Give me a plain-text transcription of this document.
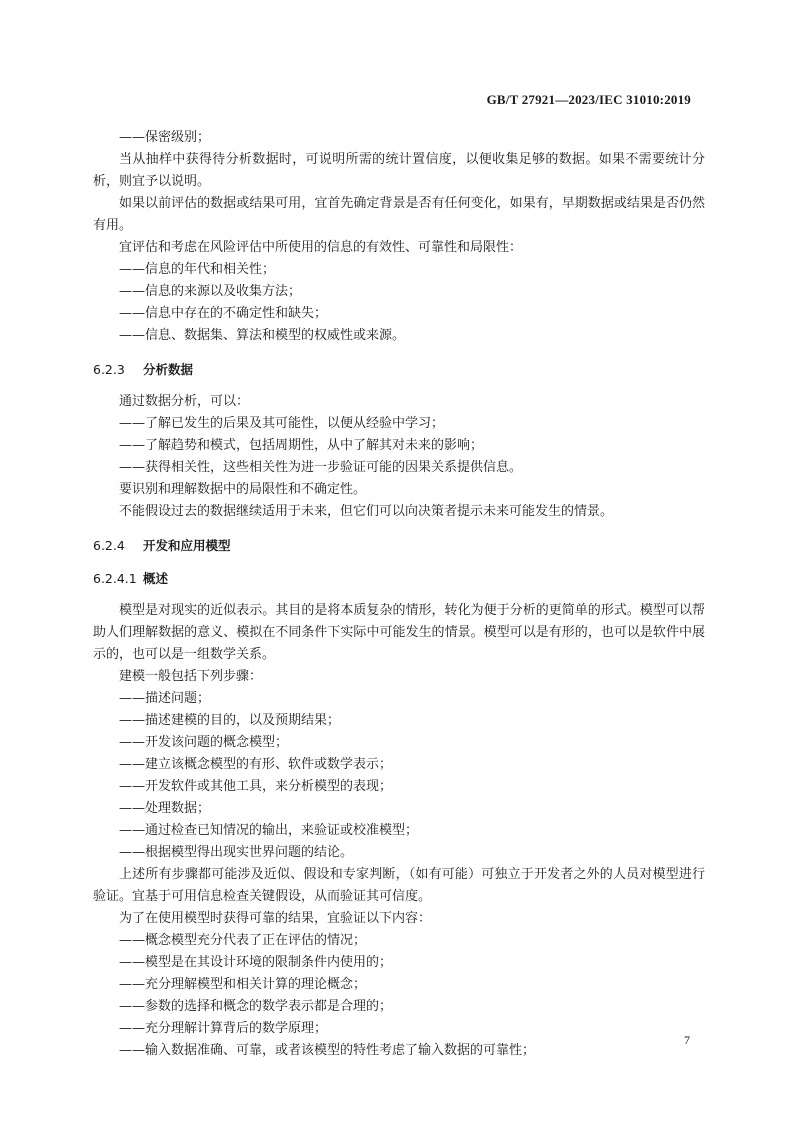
GB/T 27921—2023/IEC 31010:2019

——保密级别；

当从抽样中获得待分析数据时，可说明所需的统计置信度，以便收集足够的数据。如果不需要统计分析，则宜予以说明。

如果以前评估的数据或结果可用，宜首先确定背景是否有任何变化，如果有，早期数据或结果是否仍然有用。

宜评估和考虑在风险评估中所使用的信息的有效性、可靠性和局限性：

——信息的年代和相关性；

——信息的来源以及收集方法；

——信息中存在的不确定性和缺失；

——信息、数据集、算法和模型的权威性或来源。

6.2.3 分析数据

通过数据分析，可以：

——了解已发生的后果及其可能性，以便从经验中学习；

——了解趋势和模式，包括周期性，从中了解其对未来的影响；

——获得相关性，这些相关性为进一步验证可能的因果关系提供信息。

要识别和理解数据中的局限性和不确定性。

不能假设过去的数据继续适用于未来，但它们可以向决策者提示未来可能发生的情景。

6.2.4 开发和应用模型
6.2.4.1 概述

模型是对现实的近似表示。其目的是将本质复杂的情形，转化为便于分析的更简单的形式。模型可以帮助人们理解数据的意义、模拟在不同条件下实际中可能发生的情景。模型可以是有形的，也可以是软件中展示的，也可以是一组数学关系。

建模一般包括下列步骤：

——描述问题；

——描述建模的目的，以及预期结果；

——开发该问题的概念模型；

——建立该概念模型的有形、软件或数学表示；

——开发软件或其他工具，来分析模型的表现；

——处理数据；

——通过检查已知情况的输出，来验证或校准模型；

——根据模型得出现实世界问题的结论。

上述所有步骤都可能涉及近似、假设和专家判断，（如有可能）可独立于开发者之外的人员对模型进行验证。宜基于可用信息检查关键假设，从而验证其可信度。

为了在使用模型时获得可靠的结果，宜验证以下内容：

——概念模型充分代表了正在评估的情况；

——模型是在其设计环境的限制条件内使用的；

——充分理解模型和相关计算的理论概念；

——参数的选择和概念的数学表示都是合理的；

——充分理解计算背后的数学原理；

——输入数据准确、可靠，或者该模型的特性考虑了输入数据的可靠性；

7
